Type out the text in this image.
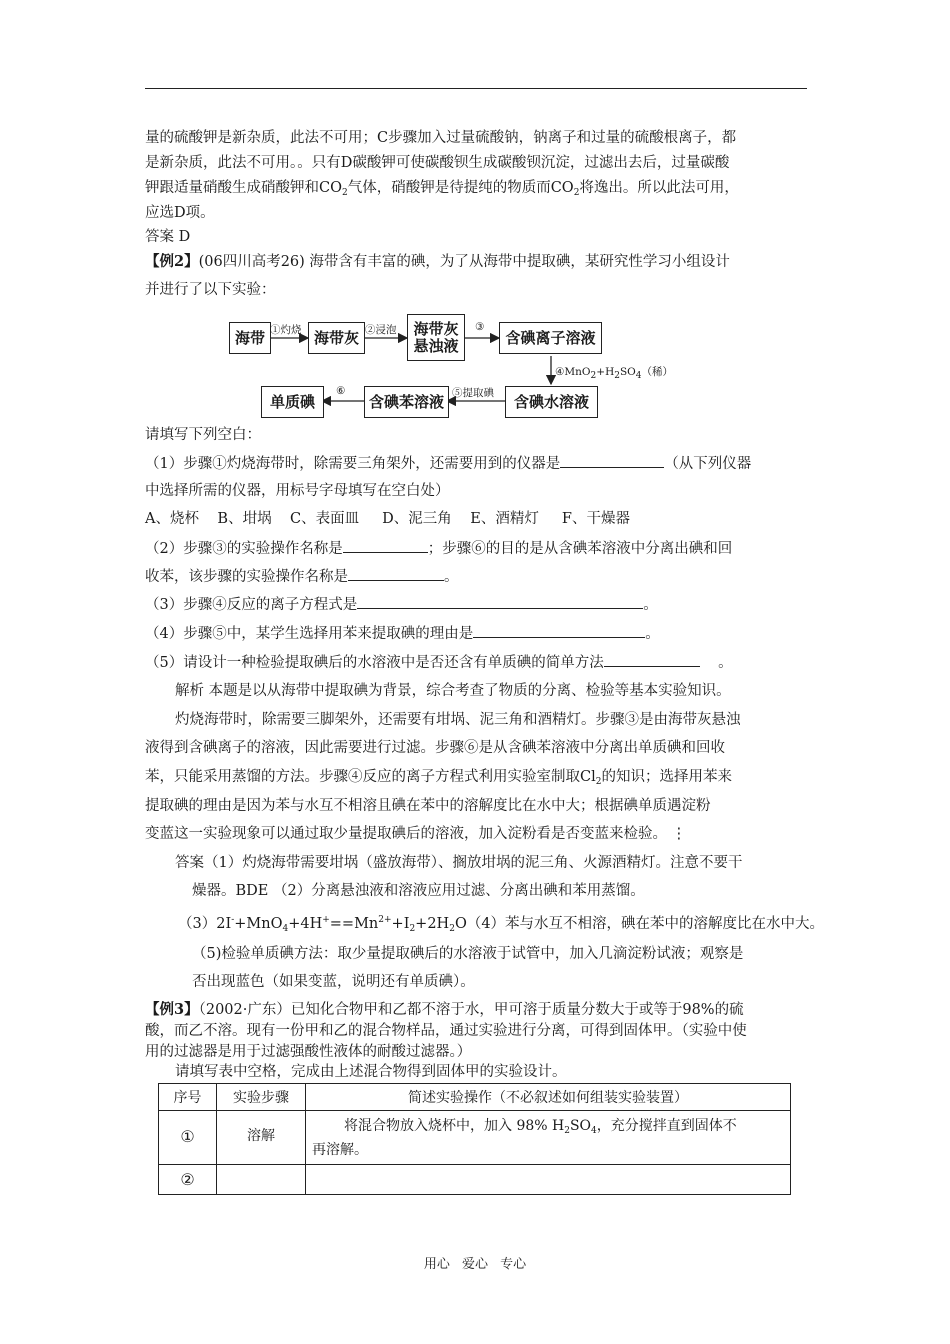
量的硫酸钾是新杂质，此法不可用；C步骤加入过量硫酸钠，钠离子和过量的硫酸根离子，都
是新杂质，此法不可用。。只有D碳酸钾可使碳酸钡生成碳酸钡沉淀，过滤出去后，过量碳酸
钾跟适量硝酸生成硝酸钾和$CO_2$气体，硝酸钾是待提纯的物质而$CO_2$将逸出。所以此法可用，
应选D项。
答案 D
【例2】(06四川高考26) 海带含有丰富的碘，为了从海带中提取碘，某研究性学习小组设计
并进行了以下实验：
海带	海带灰	海带灰
悬浊液	含碘离子溶液
含碘水溶液
含碘苯溶液
单质碘
①灼烧	②浸泡	③
④MnO2+H2SO4（稀）
⑤提取碘
⑥
请填写下列空白：
（1）步骤①灼烧海带时，除需要三角架外，还需要用到的仪器是	（从下列仪器
中选择所需的仪器，用标号字母填写在空白处）
A、烧杯 B、坩埚 C、表面皿 D、泥三角 E、酒精灯 F、干燥器
（2）步骤③的实验操作名称是	；步骤⑥的目的是从含碘苯溶液中分离出碘和回
收苯，该步骤的实验操作名称是	。
（3）步骤④反应的离子方程式是	。
（4）步骤⑤中，某学生选择用苯来提取碘的理由是	。
（5）请设计一种检验提取碘后的水溶液中是否还含有单质碘的简单方法	。
解析 本题是以从海带中提取碘为背景，综合考查了物质的分离、检验等基本实验知识。
灼烧海带时，除需要三脚架外，还需要有坩埚、泥三角和酒精灯。步骤③是由海带灰悬浊
液得到含碘离子的溶液，因此需要进行过滤。步骤⑥是从含碘苯溶液中分离出单质碘和回收
苯，只能采用蒸馏的方法。步骤④反应的离子方程式利用实验室制取$Cl_2$的知识；选择用苯来
提取碘的理由是因为苯与水互不相溶且碘在苯中的溶解度比在水中大；根据碘单质遇淀粉
变蓝这一实验现象可以通过取少量提取碘后的溶液，加入淀粉看是否变蓝来检验。 ⋮
答案（1）灼烧海带需要坩埚（盛放海带）、搁放坩埚的泥三角、火源酒精灯。注意不要干
燥器。BDE （2）分离悬浊液和溶液应用过滤、分离出碘和苯用蒸馏。
$(3)2I^-+MnO_4+4H^+==Mn^{2+}+I_2+2H_2O(4)$苯与水互不相溶，碘在苯中的溶解度比在水中大。
（5)检验单质碘方法：取少量提取碘后的水溶液于试管中，加入几滴淀粉试液；观察是
否出现蓝色（如果变蓝，说明还有单质碘）。
【例3】（2002·广东）已知化合物甲和乙都不溶于水，甲可溶于质量分数大于或等于98%的硫
酸，而乙不溶。现有一份甲和乙的混合物样品，通过实验进行分离，可得到固体甲。（实验中使
用的过滤器是用于过滤强酸性液体的耐酸过滤器。）
请填写表中空格，完成由上述混合物得到固体甲的实验设计。
序号	实验步骤	简述实验操作（不必叙述如何组装实验装置）
①	溶解	将混合物放入烧杯中，加入 98% $H_2SO_4$，充分搅拌直到固体不
再溶解。
②		
用心 爱心 专心
